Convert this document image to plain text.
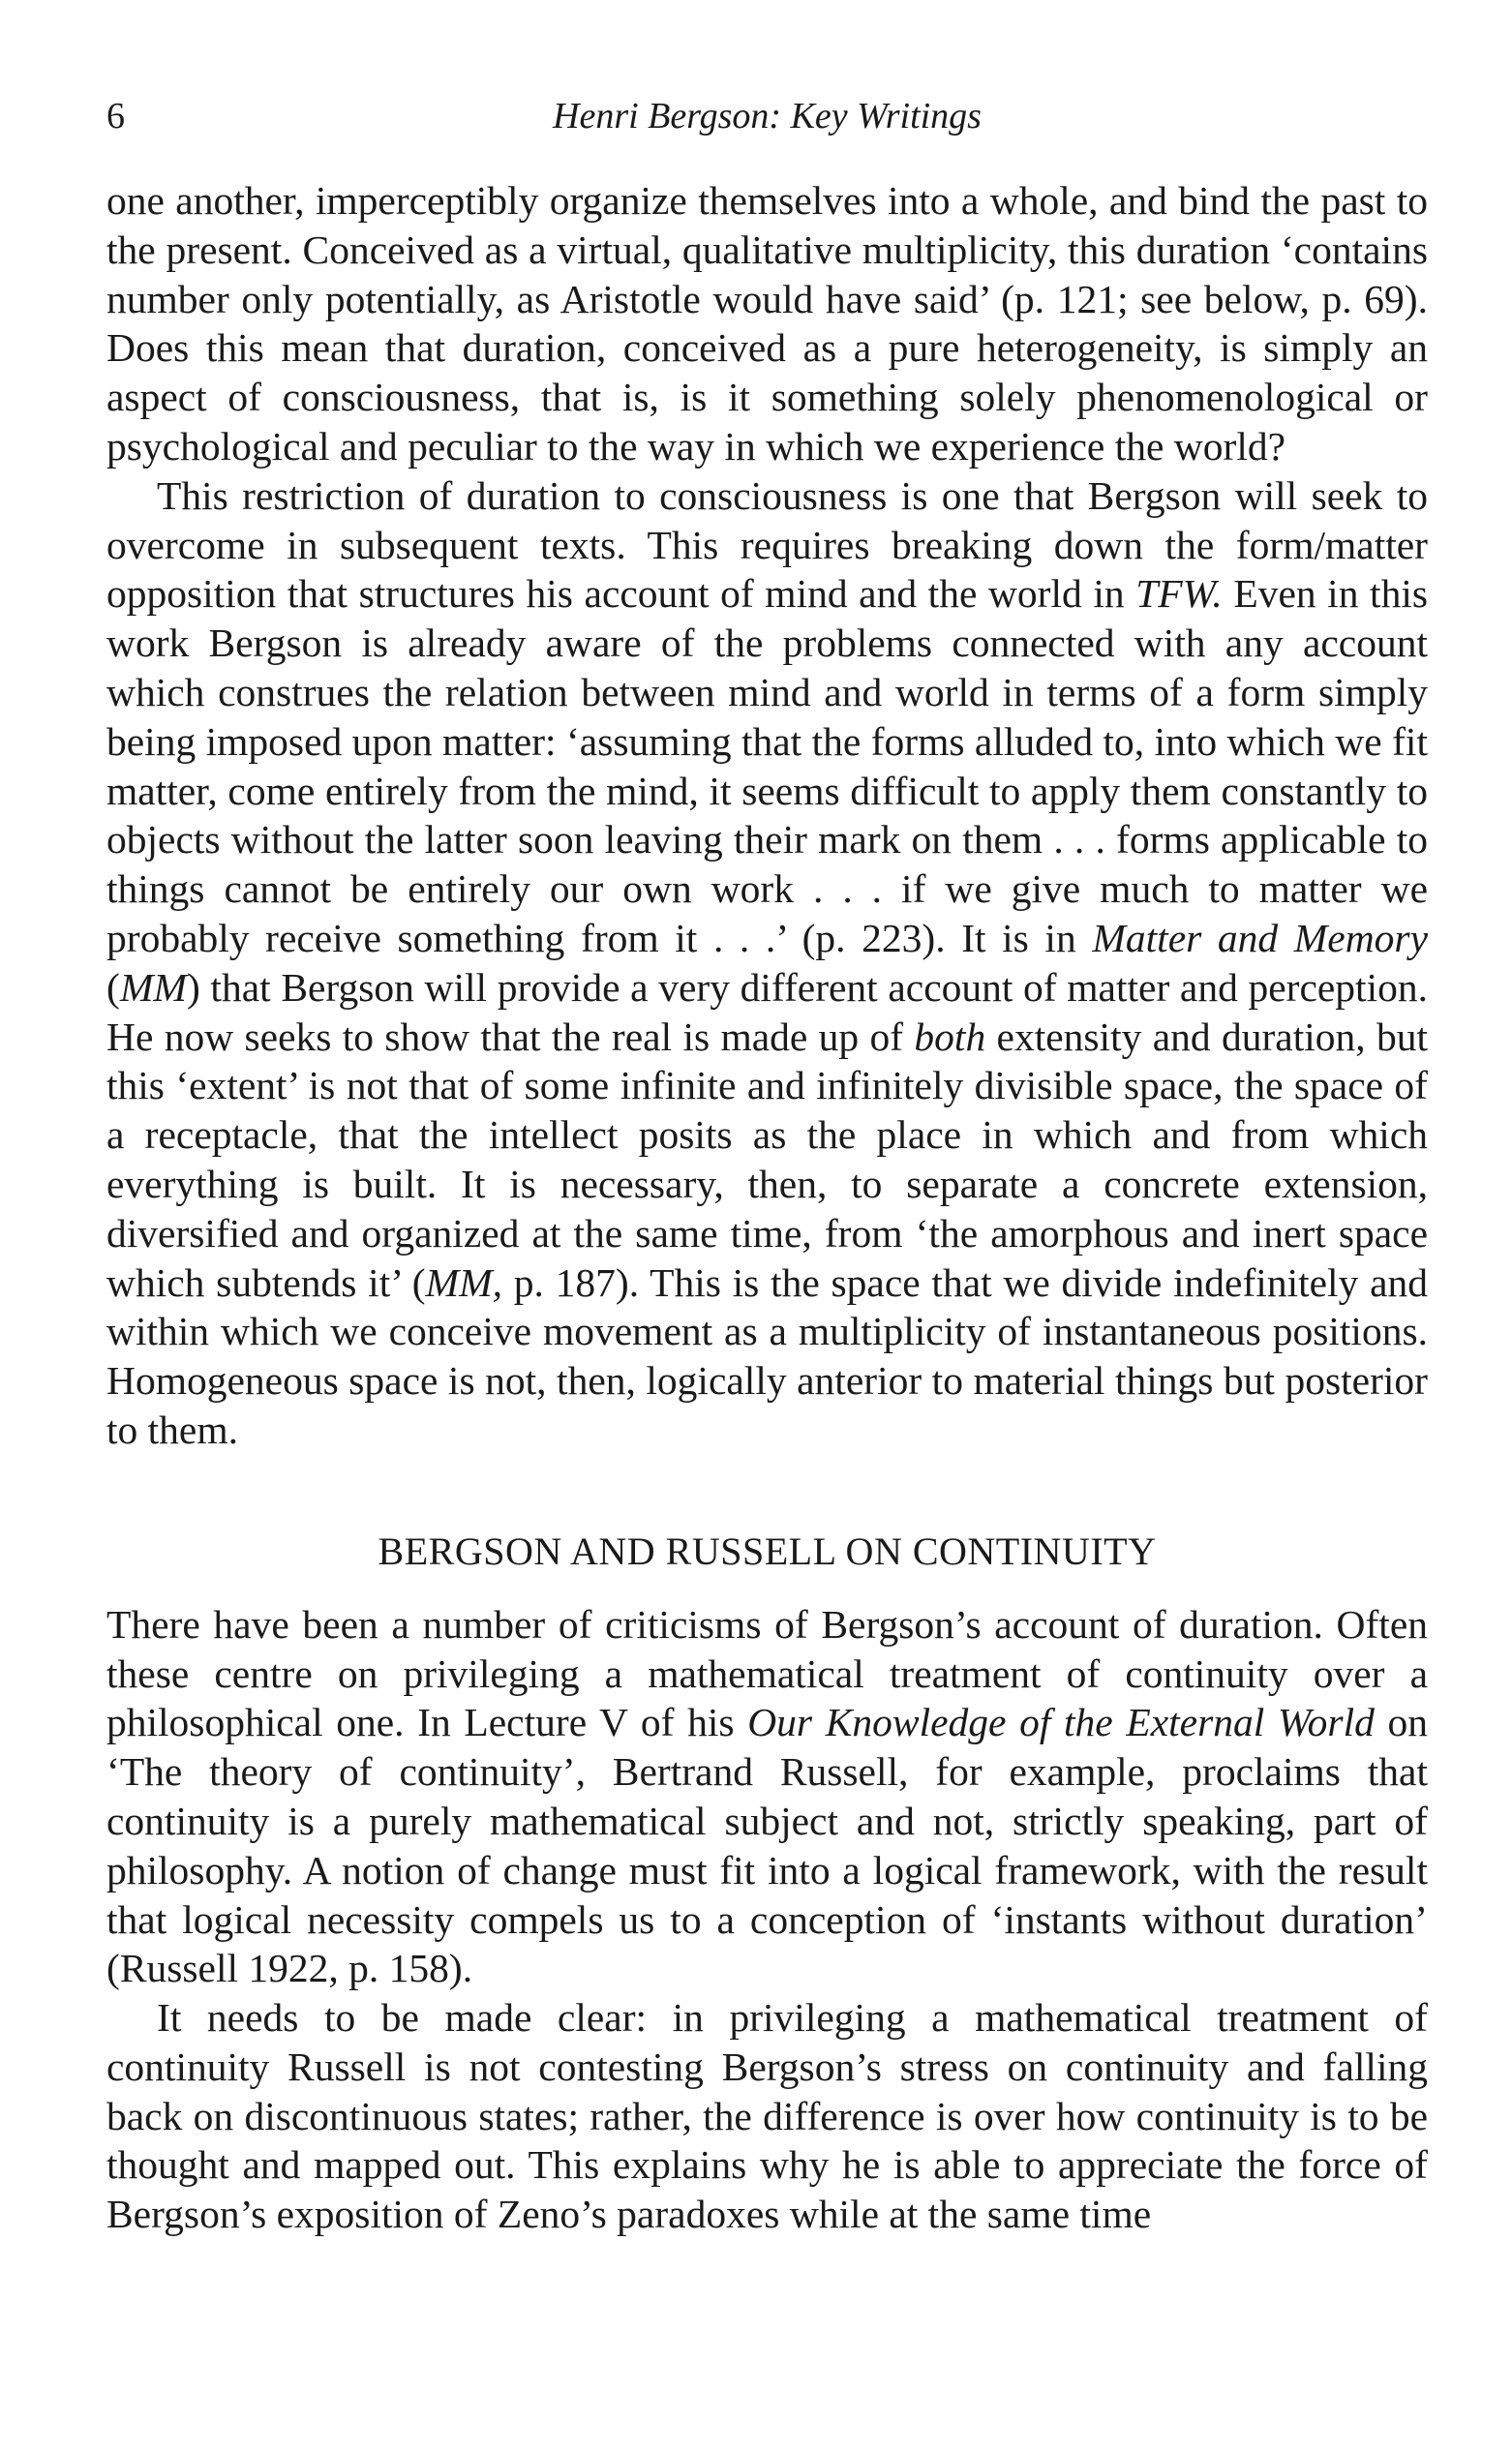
6	Henri Bergson: Key Writings

one another, imperceptibly organize themselves into a whole, and bind the past to the present. Conceived as a virtual, qualitative multiplicity, this duration ‘contains number only potentially, as Aristotle would have said’ (p. 121; see below, p. 69). Does this mean that duration, conceived as a pure heterogeneity, is simply an aspect of consciousness, that is, is it something solely phenomenological or psychological and peculiar to the way in which we experience the world?

This restriction of duration to consciousness is one that Bergson will seek to overcome in subsequent texts. This requires breaking down the form/matter opposition that structures his account of mind and the world in TFW. Even in this work Bergson is already aware of the problems connected with any account which construes the relation between mind and world in terms of a form simply being imposed upon matter: ‘assuming that the forms alluded to, into which we fit matter, come entirely from the mind, it seems difficult to apply them constantly to objects without the latter soon leaving their mark on them . . . forms applicable to things cannot be entirely our own work . . . if we give much to matter we probably receive something from it . . .’ (p. 223). It is in Matter and Memory (MM) that Bergson will provide a very different account of matter and perception. He now seeks to show that the real is made up of both extensity and duration, but this ‘extent’ is not that of some infinite and infinitely divisible space, the space of a receptacle, that the intellect posits as the place in which and from which everything is built. It is necessary, then, to separate a concrete extension, diversified and organized at the same time, from ‘the amorphous and inert space which subtends it’ (MM, p. 187). This is the space that we divide indefinitely and within which we conceive movement as a multiplicity of instantaneous positions. Homogeneous space is not, then, logically anterior to material things but posterior to them.

BERGSON AND RUSSELL ON CONTINUITY

There have been a number of criticisms of Bergson’s account of duration. Often these centre on privileging a mathematical treatment of continuity over a philosophical one. In Lecture V of his Our Knowledge of the External World on ‘The theory of continuity’, Bertrand Russell, for example, proclaims that continuity is a purely mathematical subject and not, strictly speaking, part of philosophy. A notion of change must fit into a logical framework, with the result that logical necessity compels us to a conception of ‘instants without duration’ (Russell 1922, p. 158).

It needs to be made clear: in privileging a mathematical treatment of continuity Russell is not contesting Bergson’s stress on continuity and falling back on discontinuous states; rather, the difference is over how continuity is to be thought and mapped out. This explains why he is able to appreciate the force of Bergson’s exposition of Zeno’s paradoxes while at the same time
